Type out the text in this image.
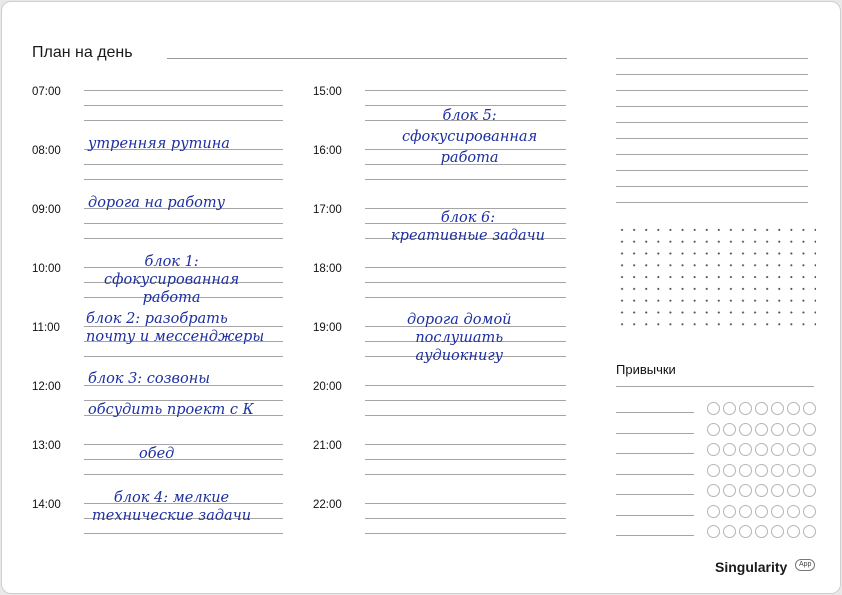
План на день
07:00
08:00
09:00
10:00
11:00
12:00
13:00
14:00
15:00
16:00
17:00
18:00
19:00
20:00
21:00
22:00
утренняя рутина
дорога на работу
блок 1:
сфокусированная
работа
блок 2: разобрать
почту и мессенджеры
блок 3: созвоны
обсудить проект с К
обед
блок 4: мелкие
технические задачи
блок 5:
сфокусированная
работа
блок 6:
креативные задачи
дорога домой
послушать
аудиокнигу
Привычки
Singularity	App
